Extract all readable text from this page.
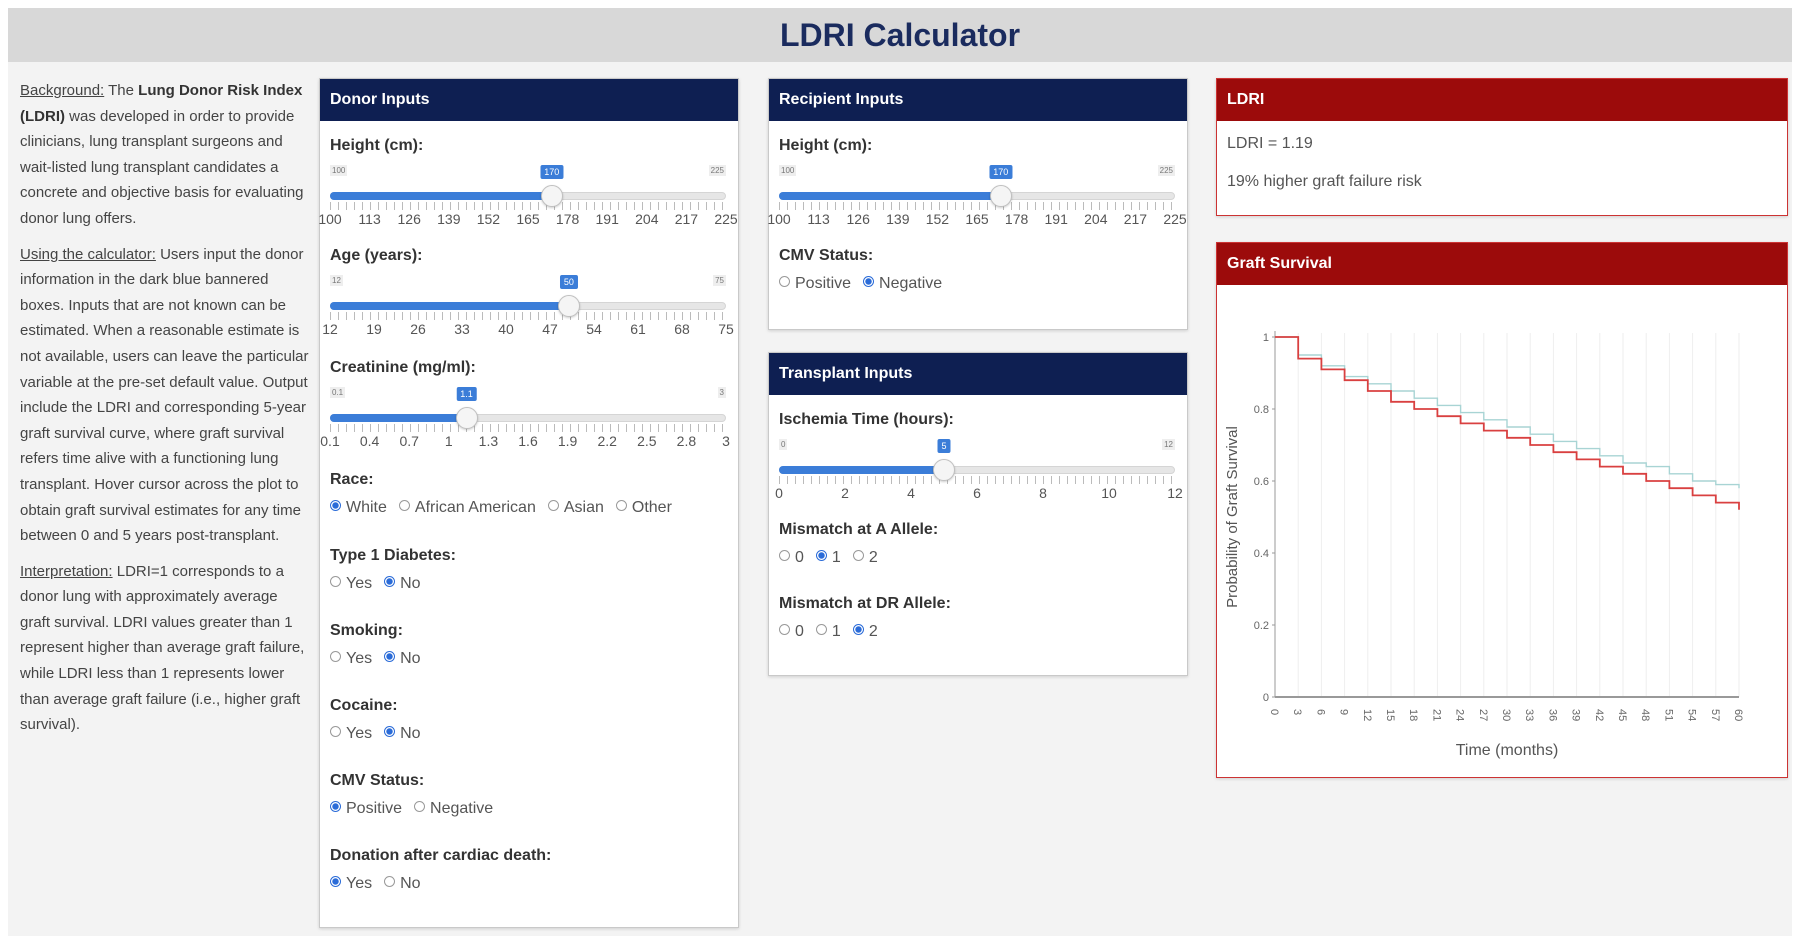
LDRI Calculator

Background: The Lung Donor Risk Index (LDRI) was developed in order to provide clinicians, lung transplant surgeons and wait-listed lung transplant candidates a concrete and objective basis for evaluating donor lung offers.

Using the calculator: Users input the donor information in the dark blue bannered boxes. Inputs that are not known can be estimated. When a reasonable estimate is not available, users can leave the particular variable at the pre-set default value. Output include the LDRI and corresponding 5-year graft survival curve, where graft survival refers time alive with a functioning lung transplant. Hover cursor across the plot to obtain graft survival estimates for any time between 0 and 5 years post-transplant.

Interpretation: LDRI=1 corresponds to a donor lung with approximately average graft survival. LDRI values greater than 1 represent higher than average graft failure, while LDRI less than 1 represents lower than average graft failure (i.e., higher graft survival).

Donor Inputs
Height (cm):
100	225
170
100 113 126 139 152 165 178 191 204 217 225
Age (years):
12	75
50
12 19 26 33 40 47 54 61 68 75
Creatinine (mg/ml):
0.1	3
1.1
0.1 0.4 0.7 1 1.3 1.6 1.9 2.2 2.5 2.8 3
Race:
White African American Asian Other
Type 1 Diabetes:
Yes No
Smoking:
Yes No
Cocaine:
Yes No
CMV Status:
Positive Negative
Donation after cardiac death:
Yes No
Recipient Inputs
Height (cm):
100	225
170
100 113 126 139 152 165 178 191 204 217 225
CMV Status:
Positive Negative
Transplant Inputs
Ischemia Time (hours):
0	12
5
0	2	4	6	8	10	12
Mismatch at A Allele:
0 1 2
Mismatch at DR Allele:
0 1 2
LDRI
LDRI = 1.19
19% higher graft failure risk
Graft Survival
0
0.2
0.4
0.6
0.8
1
0 3 6 9 12 15 18 21 24 27 30 33 36 39 42 45 48 51 54 57 60
Time (months)
Probability of Graft Survival
